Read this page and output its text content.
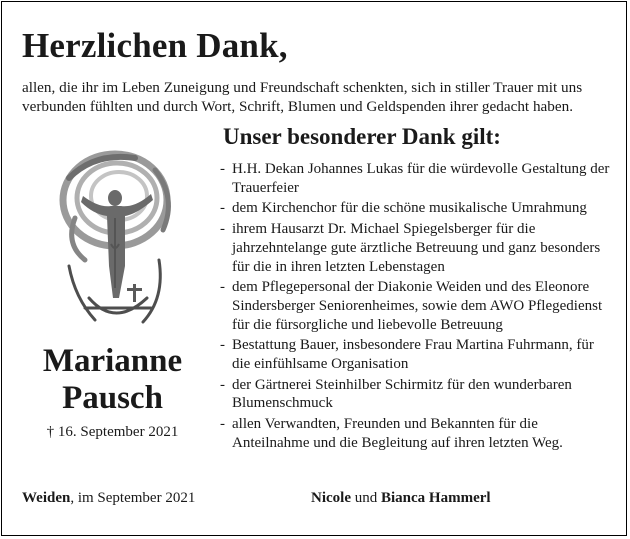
Herzlichen Dank,
allen, die ihr im Leben Zuneigung und Freundschaft schenkten, sich in stiller Trauer mit uns verbunden fühlten und durch Wort, Schrift, Blumen und Geldspenden ihrer gedacht haben.
Unser besonderer Dank gilt:
- H.H. Dekan Johannes Lukas für die würdevolle Gestaltung der Trauerfeier
- dem Kirchenchor für die schöne musikalische Umrahmung
- ihrem Hausarzt Dr. Michael Spiegelsberger für die jahrzehntelange gute ärztliche Betreuung und ganz besonders für die in ihren letzten Lebenstagen
- dem Pflegepersonal der Diakonie Weiden und des Eleonore Sindersberger Seniorenheimes, sowie dem AWO Pflegedienst für die fürsorgliche und liebevolle Betreuung
- Bestattung Bauer, insbesondere Frau Martina Fuhrmann, für die einfühlsame Organisation
- der Gärtnerei Steinhilber Schirmitz für den wunderbaren Blumenschmuck
- allen Verwandten, Freunden und Bekannten für die Anteilnahme und die Begleitung auf ihren letzten Weg.
Marianne
Pausch
† 16. September 2021
Weiden, im September 2021	Nicole und Bianca Hammerl
